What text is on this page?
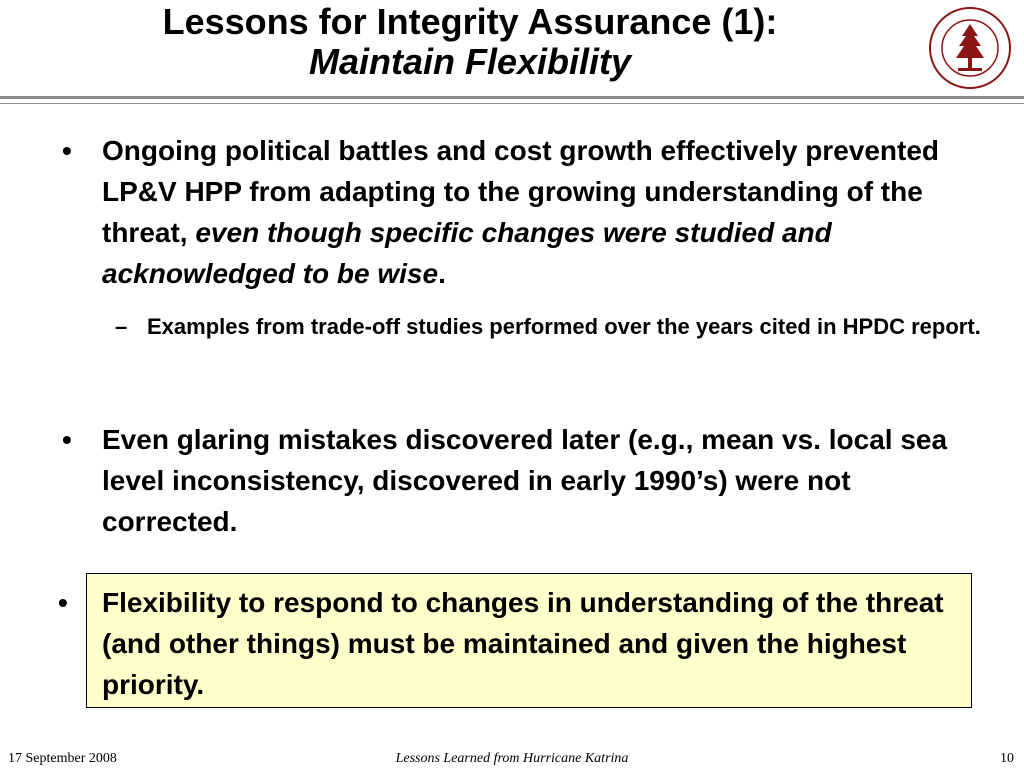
Lessons for Integrity Assurance (1):
Maintain Flexibility
• Ongoing political battles and cost growth effectively prevented LP&V HPP from adapting to the growing understanding of the threat, even though specific changes were studied and acknowledged to be wise.
– Examples from trade-off studies performed over the years cited in HPDC report.
• Even glaring mistakes discovered later (e.g., mean vs. local sea level inconsistency, discovered in early 1990’s) were not corrected.
• Flexibility to respond to changes in understanding of the threat (and other things) must be maintained and given the highest priority.
17 September 2008	Lessons Learned from Hurricane Katrina	10
